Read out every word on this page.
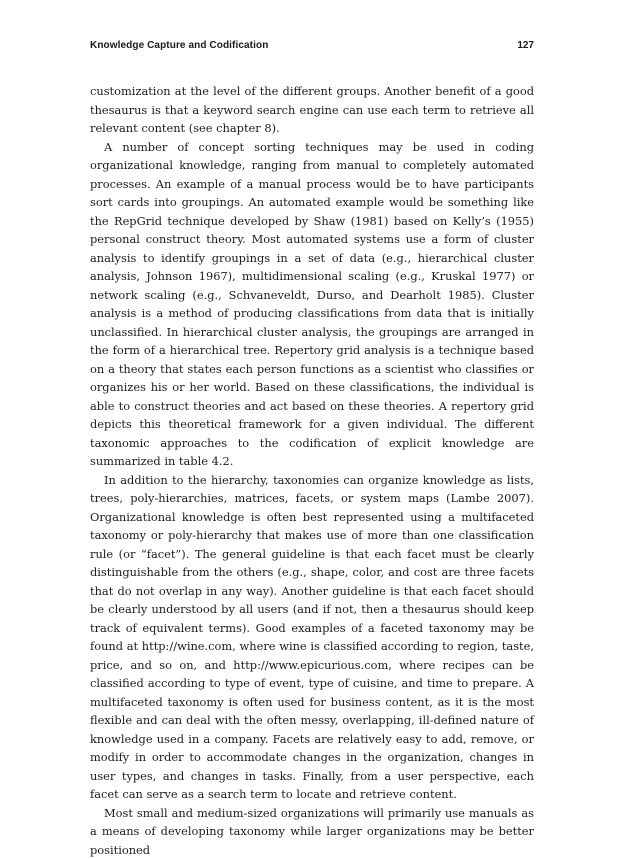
Knowledge Capture and Codification	127

customization at the level of the different groups. Another benefit of a good thesaurus is that a keyword search engine can use each term to retrieve all relevant content (see chapter 8).

A number of concept sorting techniques may be used in coding organizational knowledge, ranging from manual to completely automated processes. An example of a manual process would be to have participants sort cards into groupings. An automated example would be something like the RepGrid technique developed by Shaw (1981) based on Kelly’s (1955) personal construct theory. Most automated systems use a form of cluster analysis to identify groupings in a set of data (e.g., hierarchical cluster analysis, Johnson 1967), multidimensional scaling (e.g., Kruskal 1977) or network scaling (e.g., Schvaneveldt, Durso, and Dearholt 1985). Cluster analysis is a method of producing classifications from data that is initially unclassified. In hierarchical cluster analysis, the groupings are arranged in the form of a hierarchical tree. Repertory grid analysis is a technique based on a theory that states each person functions as a scientist who classifies or organizes his or her world. Based on these classifications, the individual is able to construct theories and act based on these theories. A repertory grid depicts this theoretical framework for a given individual. The different taxonomic approaches to the codification of explicit knowledge are summarized in table 4.2.

In addition to the hierarchy, taxonomies can organize knowledge as lists, trees, poly-hierarchies, matrices, facets, or system maps (Lambe 2007). Organizational knowledge is often best represented using a multifaceted taxonomy or poly-hierarchy that makes use of more than one classification rule (or “facet”). The general guideline is that each facet must be clearly distinguishable from the others (e.g., shape, color, and cost are three facets that do not overlap in any way). Another guideline is that each facet should be clearly understood by all users (and if not, then a thesaurus should keep track of equivalent terms). Good examples of a faceted taxonomy may be found at http://wine.com, where wine is classified according to region, taste, price, and so on, and http://www.epicurious.com, where recipes can be classified according to type of event, type of cuisine, and time to prepare. A multifaceted taxonomy is often used for business content, as it is the most flexible and can deal with the often messy, overlapping, ill-defined nature of knowledge used in a company. Facets are relatively easy to add, remove, or modify in order to accommodate changes in the organization, changes in user types, and changes in tasks. Finally, from a user perspective, each facet can serve as a search term to locate and retrieve content.

Most small and medium-sized organizations will primarily use manuals as a means of developing taxonomy while larger organizations may be better positioned
